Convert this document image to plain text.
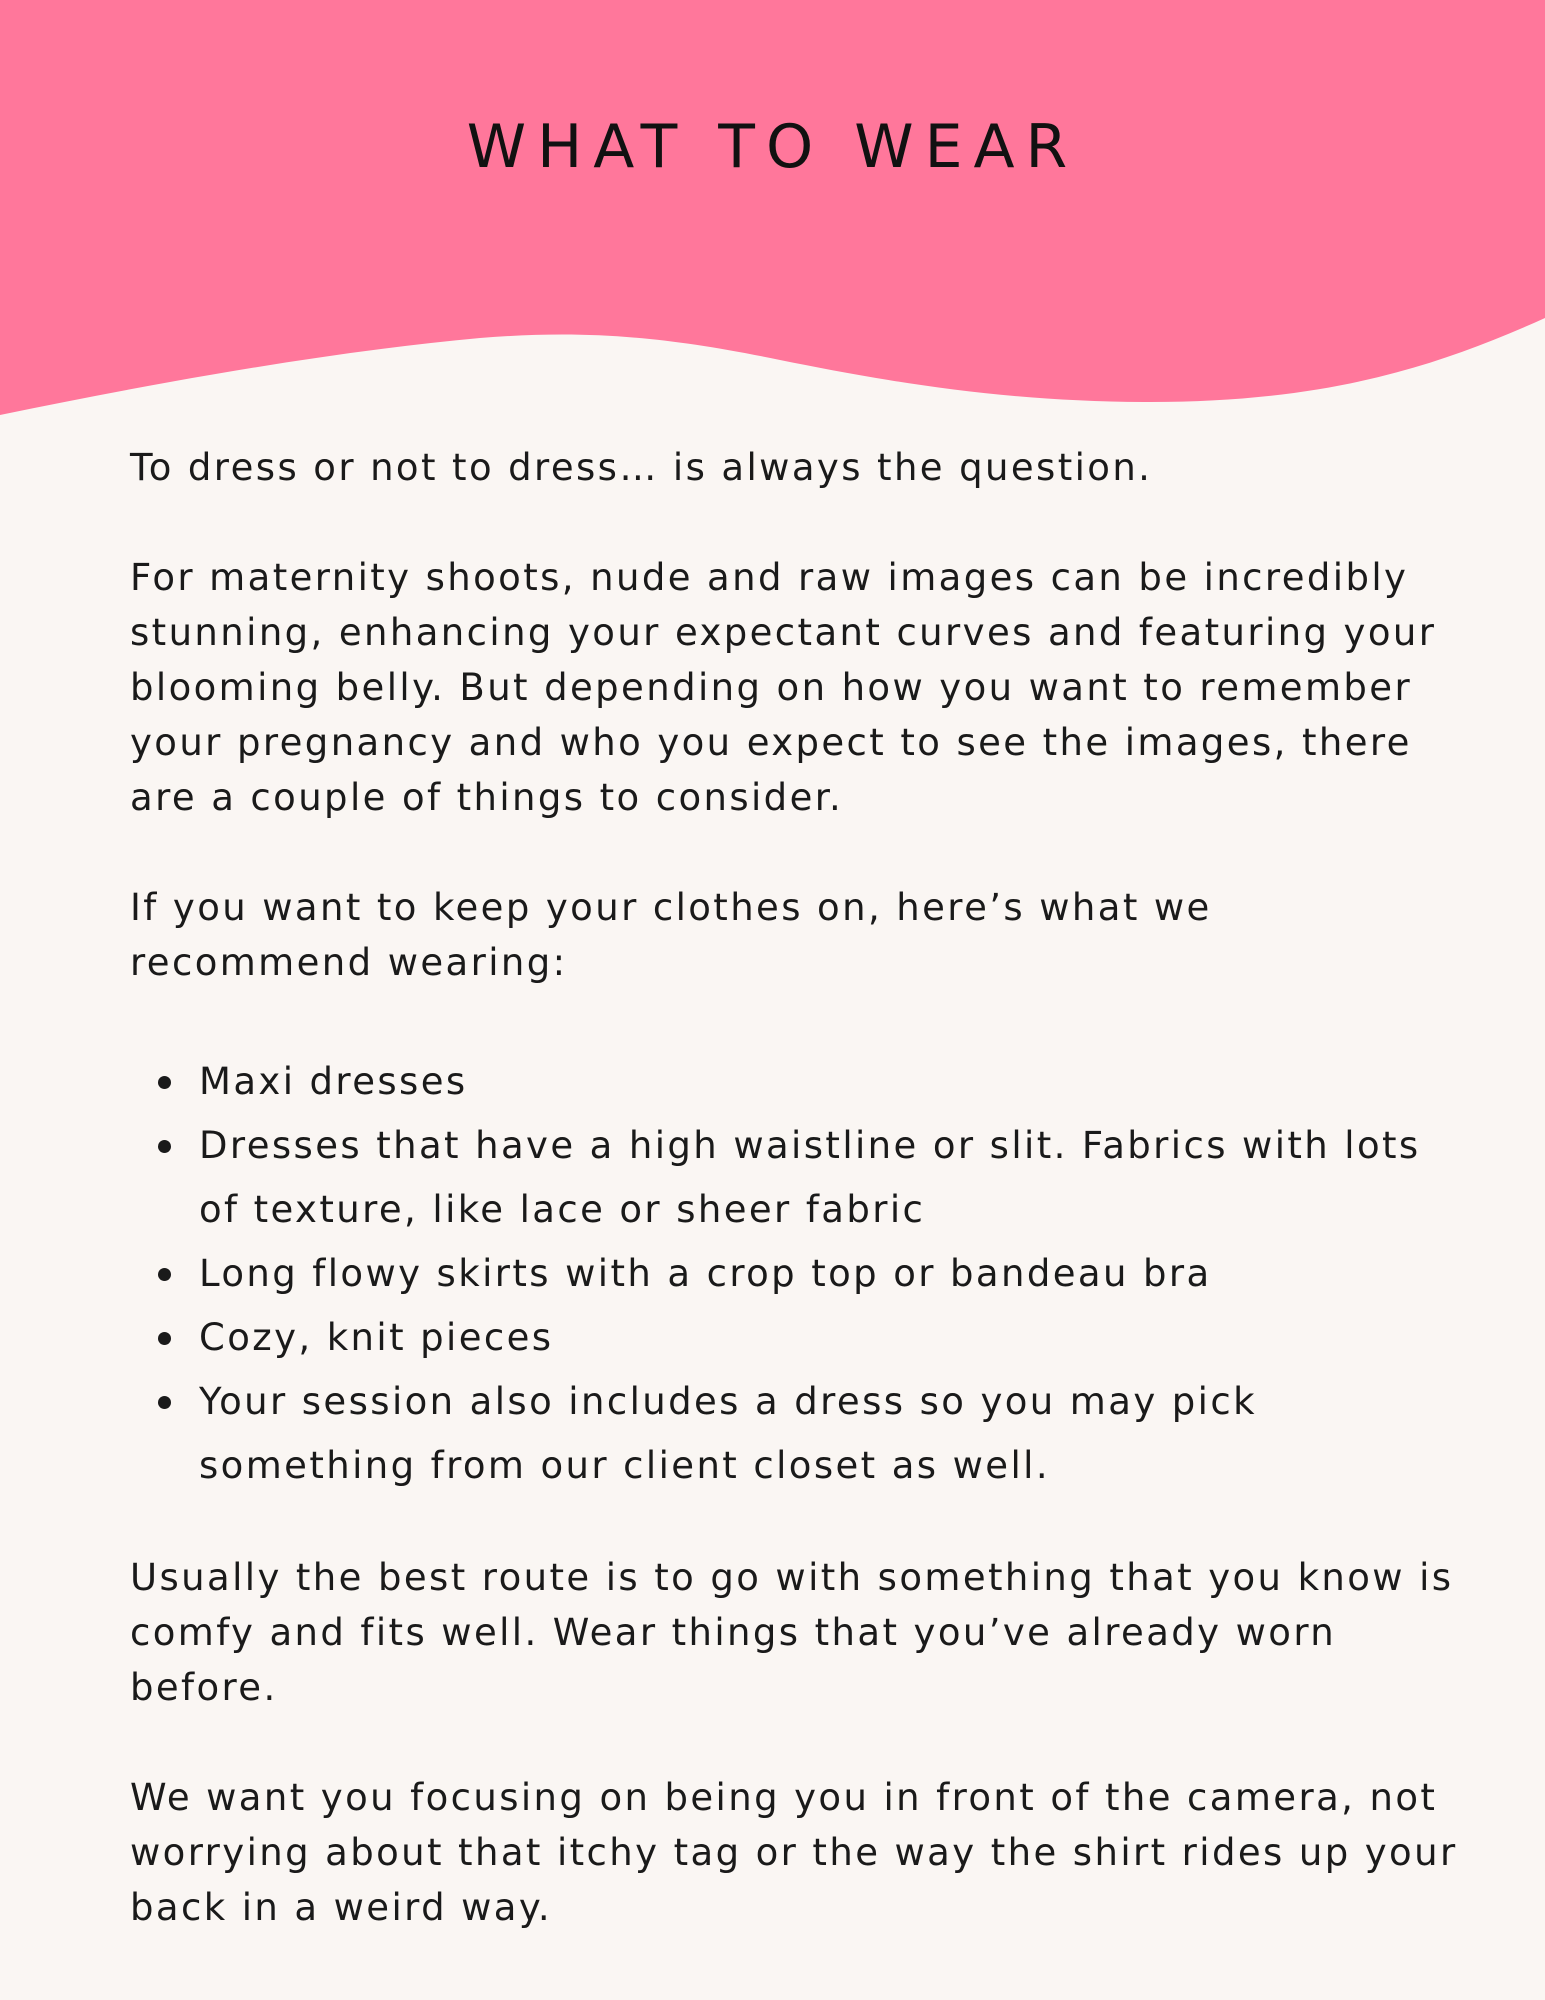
WHAT TO WEAR

To dress or not to dress… is always the question.

For maternity shoots, nude and raw images can be incredibly stunning, enhancing your expectant curves and featuring your blooming belly. But depending on how you want to remember your pregnancy and who you expect to see the images, there are a couple of things to consider.

If you want to keep your clothes on, here’s what we recommend wearing:

Maxi dresses
Dresses that have a high waistline or slit. Fabrics with lots of texture, like lace or sheer fabric
Long flowy skirts with a crop top or bandeau bra
Cozy, knit pieces
Your session also includes a dress so you may pick something from our client closet as well.

Usually the best route is to go with something that you know is comfy and fits well. Wear things that you’ve already worn before.

We want you focusing on being you in front of the camera, not worrying about that itchy tag or the way the shirt rides up your back in a weird way.
